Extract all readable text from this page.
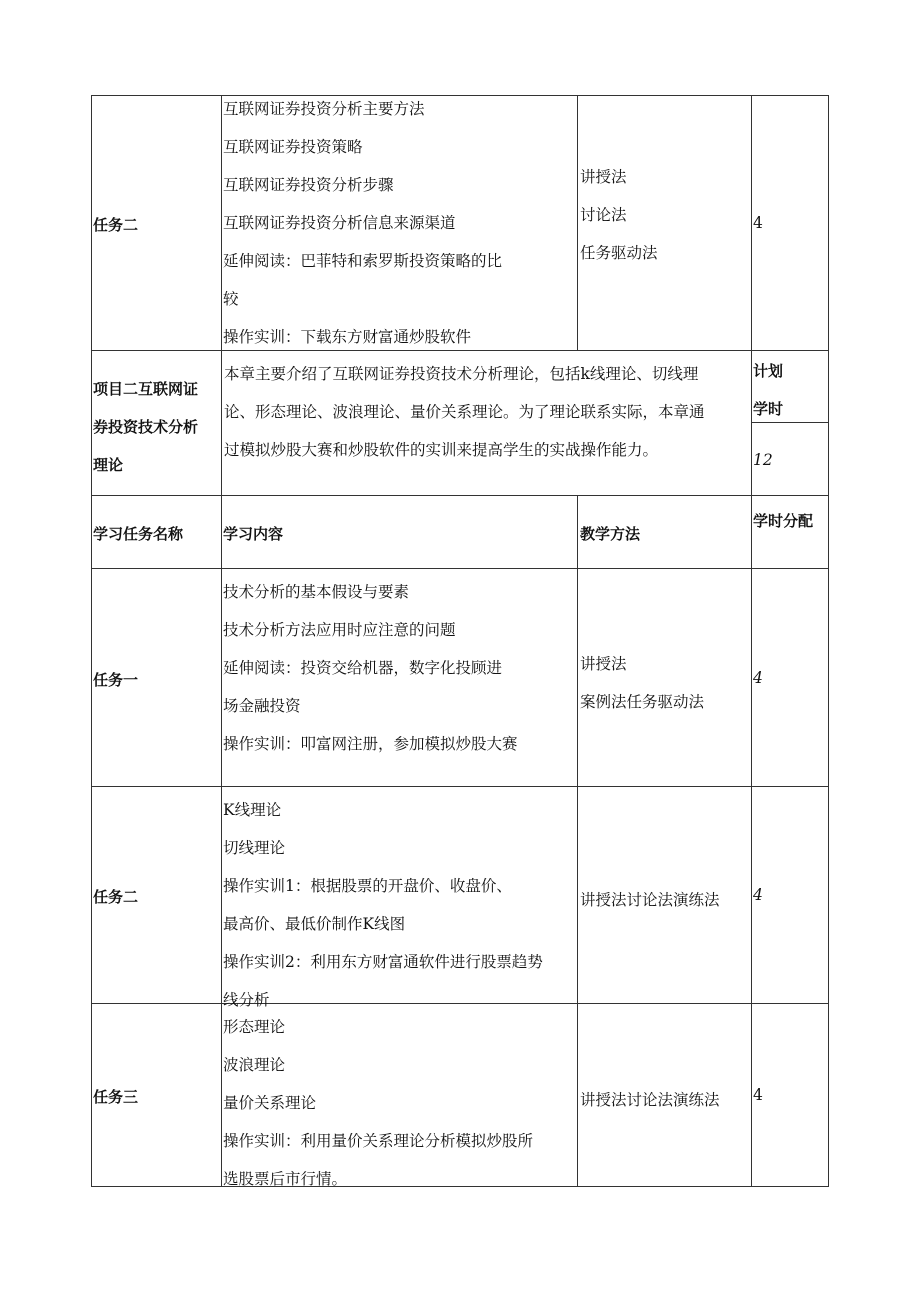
任务二
互联网证券投资分析主要方法
互联网证券投资策略
互联网证券投资分析步骤
互联网证券投资分析信息来源渠道
延伸阅读：巴菲特和索罗斯投资策略的比
较
操作实训：下载东方财富通炒股软件
讲授法
讨论法
任务驱动法
4
项目二互联网证
券投资技术分析
理论
本章主要介绍了互联网证券投资技术分析理论，包括k线理论、切线理
论、形态理论、波浪理论、量价关系理论。为了理论联系实际，本章通
过模拟炒股大赛和炒股软件的实训来提高学生的实战操作能力。
计划
学时
12
学习任务名称	学习内容	教学方法
学时分配
任务一
技术分析的基本假设与要素
技术分析方法应用时应注意的问题
延伸阅读：投资交给机器，数字化投顾进
场金融投资
操作实训：叩富网注册，参加模拟炒股大赛
讲授法
案例法任务驱动法
4
任务二
K线理论
切线理论
操作实训1：根据股票的开盘价、收盘价、
最高价、最低价制作K线图
操作实训2：利用东方财富通软件进行股票趋势
线分析
讲授法讨论法演练法 4
任务三
形态理论
波浪理论
量价关系理论
操作实训：利用量价关系理论分析模拟炒股所
选股票后市行情。
讲授法讨论法演练法 4
